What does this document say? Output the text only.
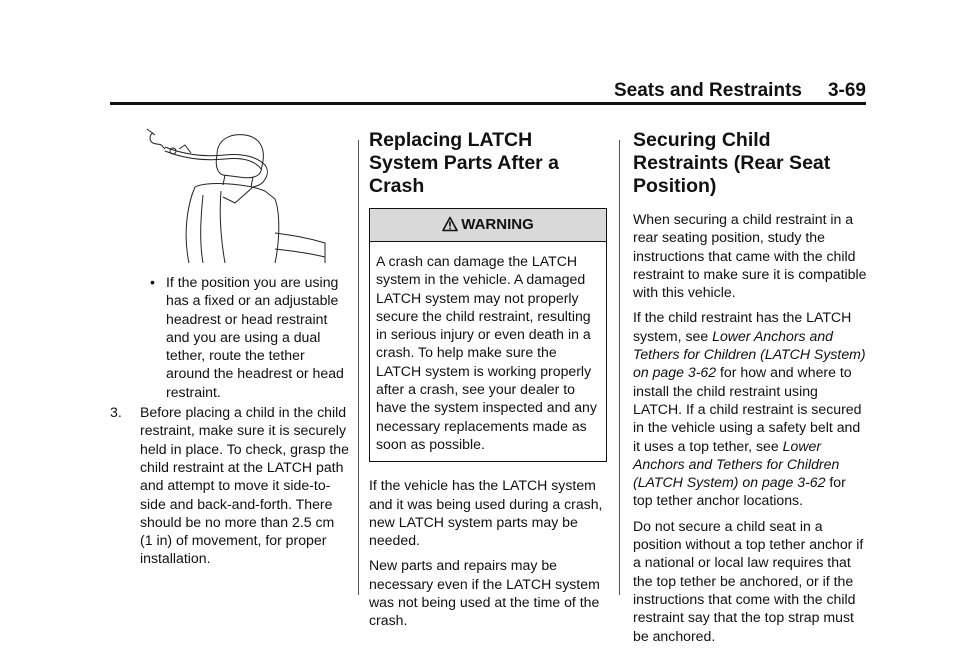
Seats and Restraints 3-69
• If the position you are using has a fixed or an adjustable headrest or head restraint and you are using a dual tether, route the tether around the headrest or head restraint.
3. Before placing a child in the child restraint, make sure it is securely held in place. To check, grasp the child restraint at the LATCH path and attempt to move it side-to-side and back-and-forth. There should be no more than 2.5 cm (1 in) of movement, for proper installation.
Replacing LATCH System Parts After a Crash
WARNING
A crash can damage the LATCH system in the vehicle. A damaged LATCH system may not properly secure the child restraint, resulting in serious injury or even death in a crash. To help make sure the LATCH system is working properly after a crash, see your dealer to have the system inspected and any necessary replacements made as soon as possible.

If the vehicle has the LATCH system and it was being used during a crash, new LATCH system parts may be needed.

New parts and repairs may be necessary even if the LATCH system was not being used at the time of the crash.

Securing Child Restraints (Rear Seat Position)

When securing a child restraint in a rear seating position, study the instructions that came with the child restraint to make sure it is compatible with this vehicle.

If the child restraint has the LATCH system, see Lower Anchors and Tethers for Children (LATCH System) on page 3-62 for how and where to install the child restraint using LATCH. If a child restraint is secured in the vehicle using a safety belt and it uses a top tether, see Lower Anchors and Tethers for Children (LATCH System) on page 3-62 for top tether anchor locations.

Do not secure a child seat in a position without a top tether anchor if a national or local law requires that the top tether be anchored, or if the instructions that come with the child restraint say that the top strap must be anchored.
